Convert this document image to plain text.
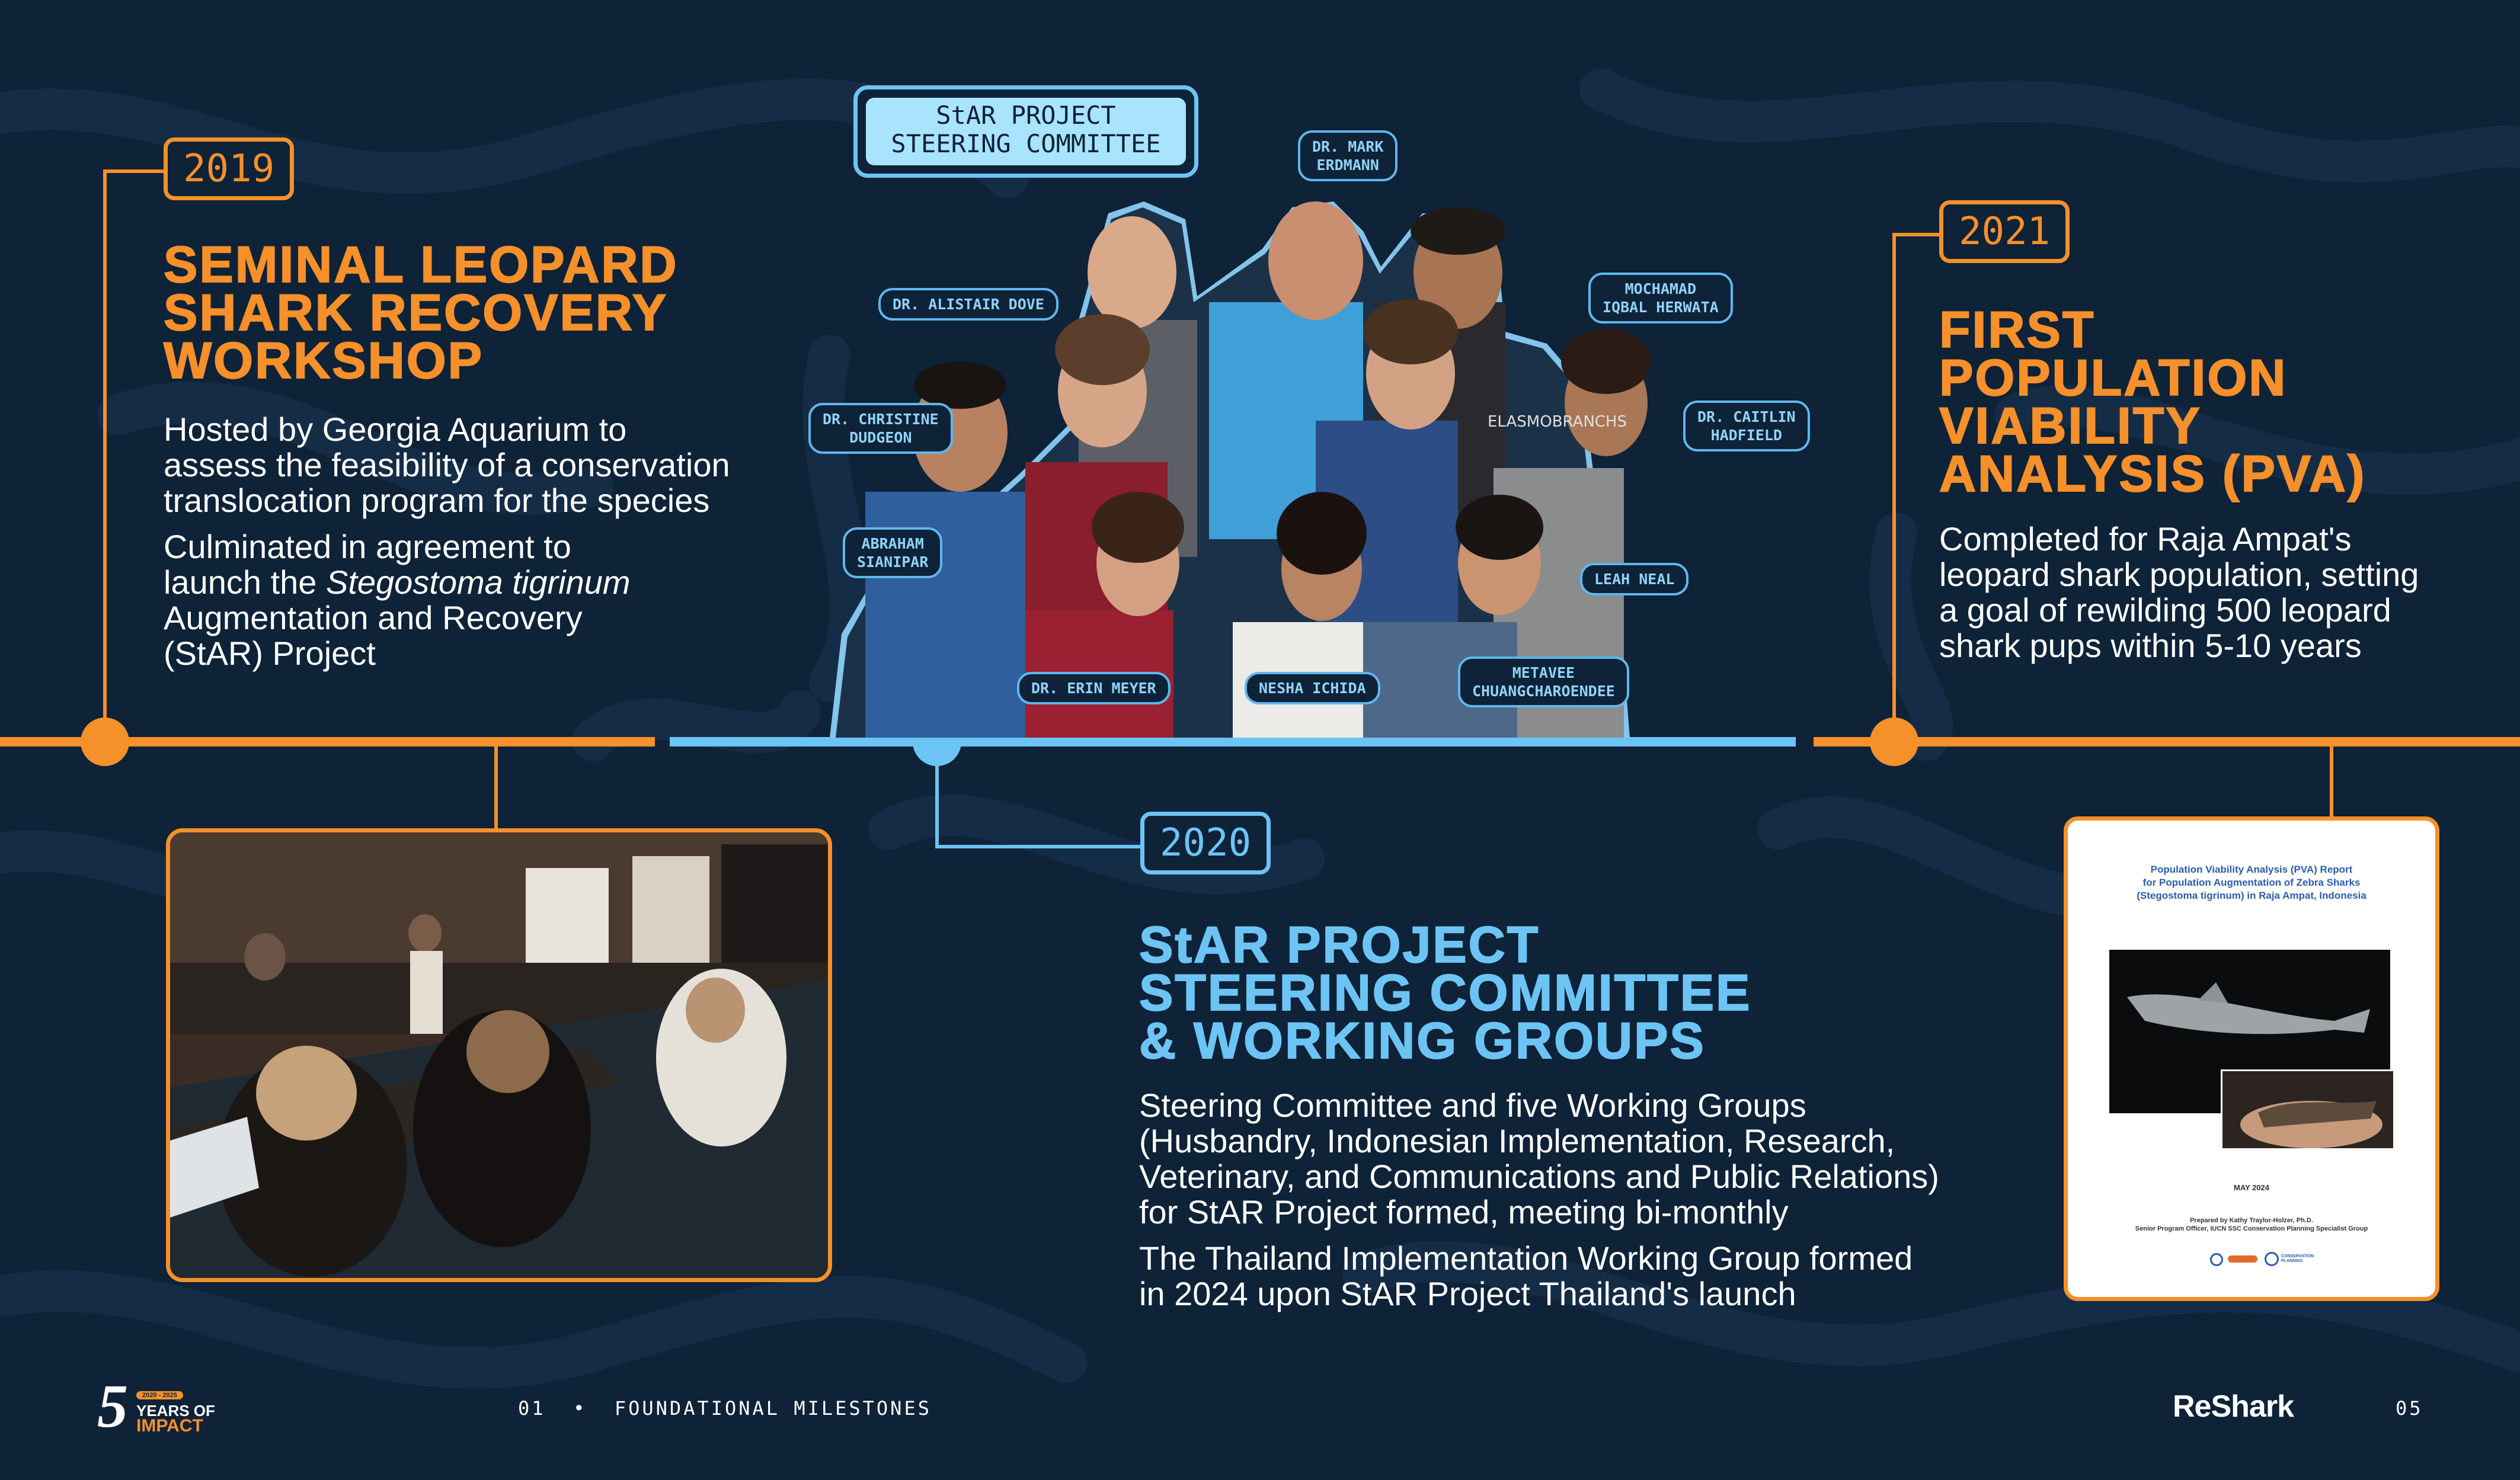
2019
SEMINAL LEOPARD
SHARK RECOVERY
WORKSHOP

Hosted by Georgia Aquarium to
assess the feasibility of a conservation
translocation program for the species

Culminated in agreement to
launch the Stegostoma tigrinum
Augmentation and Recovery
(StAR) Project

ELASMOBRANCHS
StAR PROJECT
STEERING COMMITTEE
DR. ALISTAIR DOVE
DR. MARK
ERDMANN
MOCHAMAD
IQBAL HERWATA
DR. CHRISTINE
DUDGEON
DR. CAITLIN
HADFIELD
ABRAHAM
SIANIPAR
LEAH NEAL
DR. ERIN MEYER	NESHA ICHIDA
METAVEE
CHUANGCHAROENDEE
2020
StAR PROJECT
STEERING COMMITTEE
& WORKING GROUPS

Steering Committee and five Working Groups
(Husbandry, Indonesian Implementation, Research,
Veterinary, and Communications and Public Relations)
for StAR Project formed, meeting bi-monthly

The Thailand Implementation Working Group formed
in 2024 upon StAR Project Thailand's launch

2021
FIRST
POPULATION
VIABILITY
ANALYSIS (PVA)

Completed for Raja Ampat's
leopard shark population, setting
a goal of rewilding 500 leopard
shark pups within 5-10 years

Population Viability Analysis (PVA) Report
for Population Augmentation of Zebra Sharks
(Stegostoma tigrinum) in Raja Ampat, Indonesia
MAY 2024
Prepared by Kathy Traylor-Holzer, Ph.D.
Senior Program Officer, IUCN SSC Conservation Planning Specialist Group
CONSERVATION PLANNING
5	2020 - 2025
YEARS OF
IMPACT
01  •  FOUNDATIONAL MILESTONES	ReShark	05
